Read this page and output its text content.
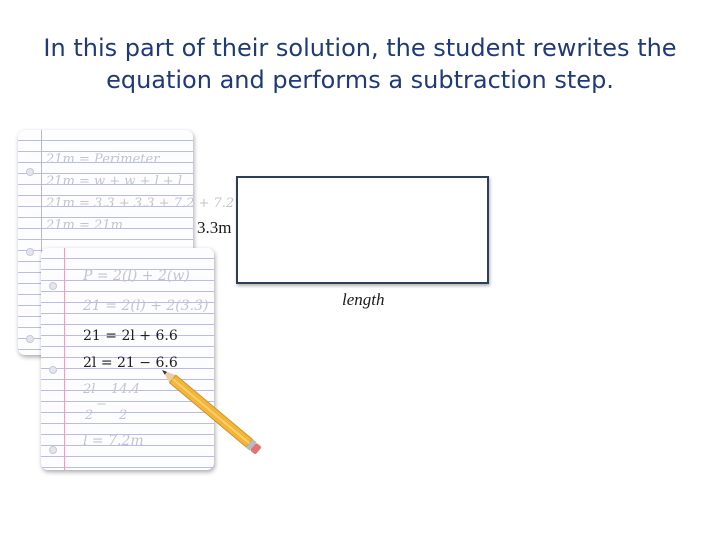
In this part of their solution, the student rewrites the
equation and performs a subtraction step.
21m = Perimeter
21m = w + w + l + l
21m = 3.3 + 3.3 + 7.2 + 7.2
21m = 21m
P = 2(l) + 2(w)
21 = 2(l) + 2(3.3)
21 = 2l + 6.6
2l = 21 − 6.6
2l 14.4
=
2 2
l = 7.2m
3.3m
length
